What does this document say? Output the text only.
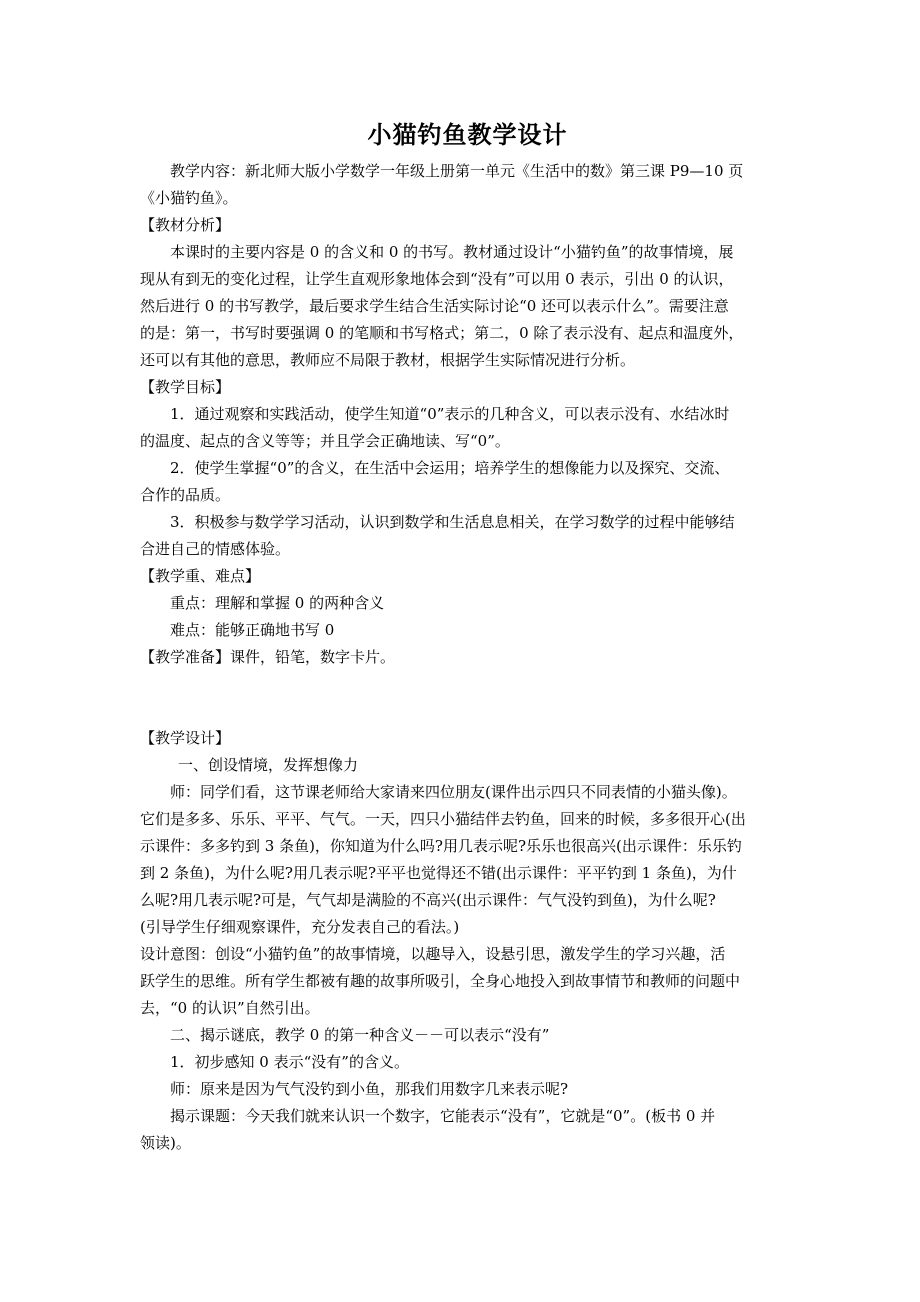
小猫钓鱼教学设计
教学内容：新北师大版小学数学一年级上册第一单元《生活中的数》第三课 P9—10 页
《小猫钓鱼》。
【教材分析】
本课时的主要内容是 0 的含义和 0 的书写。教材通过设计“小猫钓鱼”的故事情境，展
现从有到无的变化过程，让学生直观形象地体会到“没有”可以用 0 表示，引出 0 的认识，
然后进行 0 的书写教学，最后要求学生结合生活实际讨论“0 还可以表示什么”。需要注意
的是：第一，书写时要强调 0 的笔顺和书写格式；第二，0 除了表示没有、起点和温度外，
还可以有其他的意思，教师应不局限于教材，根据学生实际情况进行分析。
【教学目标】
1．通过观察和实践活动，使学生知道“0”表示的几种含义，可以表示没有、水结冰时
的温度、起点的含义等等；并且学会正确地读、写“0”。
2．使学生掌握“0”的含义，在生活中会运用；培养学生的想像能力以及探究、交流、
合作的品质。
3．积极参与数学学习活动，认识到数学和生活息息相关，在学习数学的过程中能够结
合进自己的情感体验。
【教学重、难点】
重点：理解和掌握 0 的两种含义
难点：能够正确地书写 0
【教学准备】课件，铅笔，数字卡片。
【教学设计】
一、创设情境，发挥想像力
师：同学们看，这节课老师给大家请来四位朋友(课件出示四只不同表情的小猫头像)。
它们是多多、乐乐、平平、气气。一天，四只小猫结伴去钓鱼，回来的时候，多多很开心(出
示课件：多多钓到 3 条鱼)，你知道为什么吗?用几表示呢?乐乐也很高兴(出示课件：乐乐钓
到 2 条鱼)，为什么呢?用几表示呢?平平也觉得还不错(出示课件：平平钓到 1 条鱼)，为什
么呢?用几表示呢?可是，气气却是满脸的不高兴(出示课件：气气没钓到鱼)，为什么呢?
(引导学生仔细观察课件，充分发表自己的看法。)
设计意图：创设“小猫钓鱼”的故事情境，以趣导入，设悬引思，激发学生的学习兴趣，活
跃学生的思维。所有学生都被有趣的故事所吸引，全身心地投入到故事情节和教师的问题中
去，“0 的认识”自然引出。
二、揭示谜底，教学 0 的第一种含义－－可以表示“没有”
1．初步感知 0 表示“没有”的含义。
师：原来是因为气气没钓到小鱼，那我们用数字几来表示呢?
揭示课题：今天我们就来认识一个数字，它能表示“没有”，它就是“0”。(板书 0 并
领读)。
